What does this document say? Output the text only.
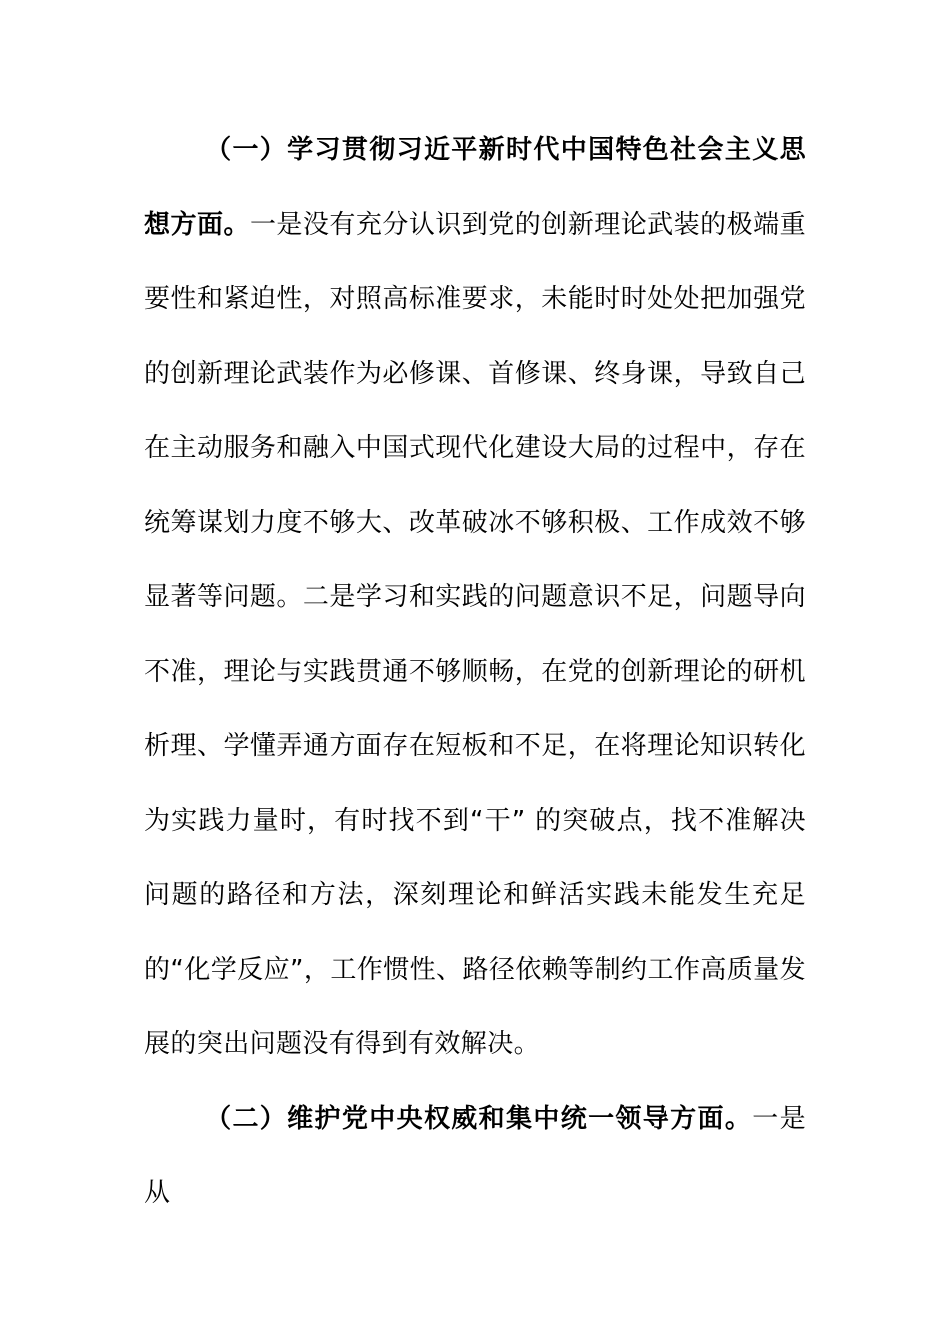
（一）学习贯彻习近平新时代中国特色社会主义思想方面。一是没有充分认识到党的创新理论武装的极端重要性和紧迫性，对照高标准要求，未能时时处处把加强党的创新理论武装作为必修课、首修课、终身课，导致自己在主动服务和融入中国式现代化建设大局的过程中，存在统筹谋划力度不够大、改革破冰不够积极、工作成效不够显著等问题。二是学习和实践的问题意识不足，问题导向不准，理论与实践贯通不够顺畅，在党的创新理论的研机析理、学懂弄通方面存在短板和不足，在将理论知识转化为实践力量时，有时找不到“干” 的突破点，找不准解决问题的路径和方法，深刻理论和鲜活实践未能发生充足的“化学反应”，工作惯性、路径依赖等制约工作高质量发展的突出问题没有得到有效解决。

（二）维护党中央权威和集中统一领导方面。一是从
